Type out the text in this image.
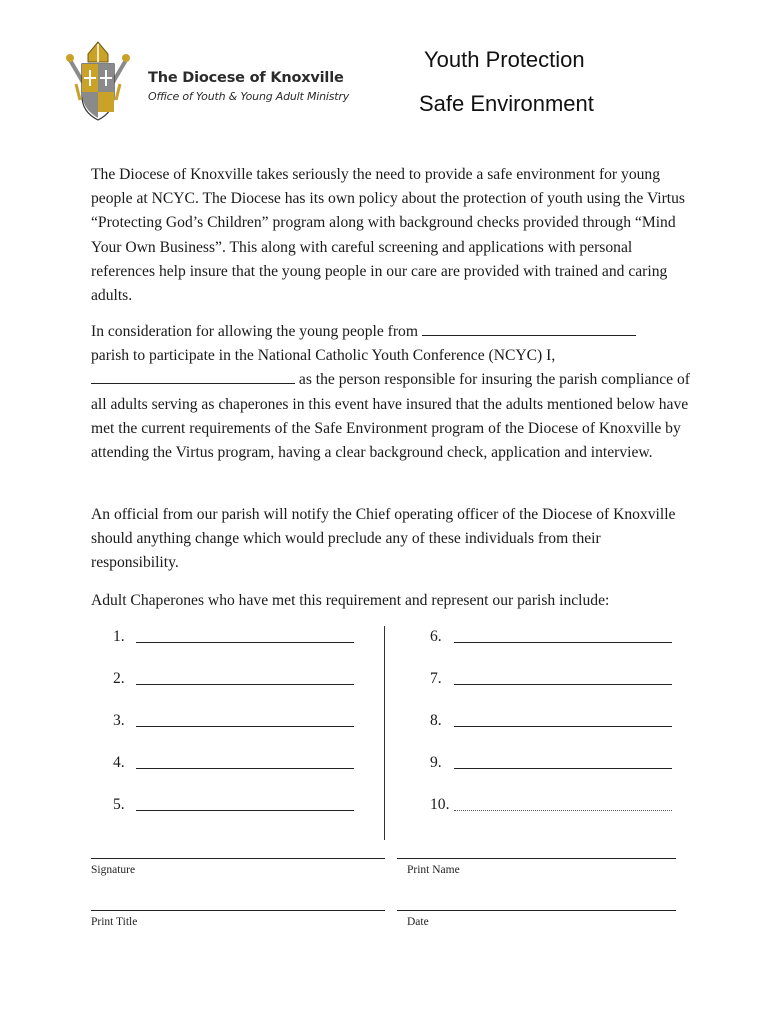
The Diocese of Knoxville
Office of Youth & Young Adult Ministry
Youth Protection
Safe Environment

The Diocese of Knoxville takes seriously the need to provide a safe environment for young people at NCYC. The Diocese has its own policy about the protection of youth using the Virtus “Protecting God’s Children” program along with background checks provided through “Mind Your Own Business”. This along with careful screening and applications with personal references help insure that the young people in our care are provided with trained and caring adults.

In consideration for allowing the young people from
parish to participate in the National Catholic Youth Conference (NCYC) I,
as the person responsible for insuring the parish compliance of all adults serving as chaperones in this event have insured that the adults mentioned below have met the current requirements of the Safe Environment program of the Diocese of Knoxville by attending the Virtus program, having a clear background check, application and interview.

An official from our parish will notify the Chief operating officer of the Diocese of Knoxville should anything change which would preclude any of these individuals from their responsibility.

Adult Chaperones who have met this requirement and represent our parish include:

1.
2.
3.
4.
5.
6.
7.
8.
9.
10.
Signature	Print Name
Print Title	Date
